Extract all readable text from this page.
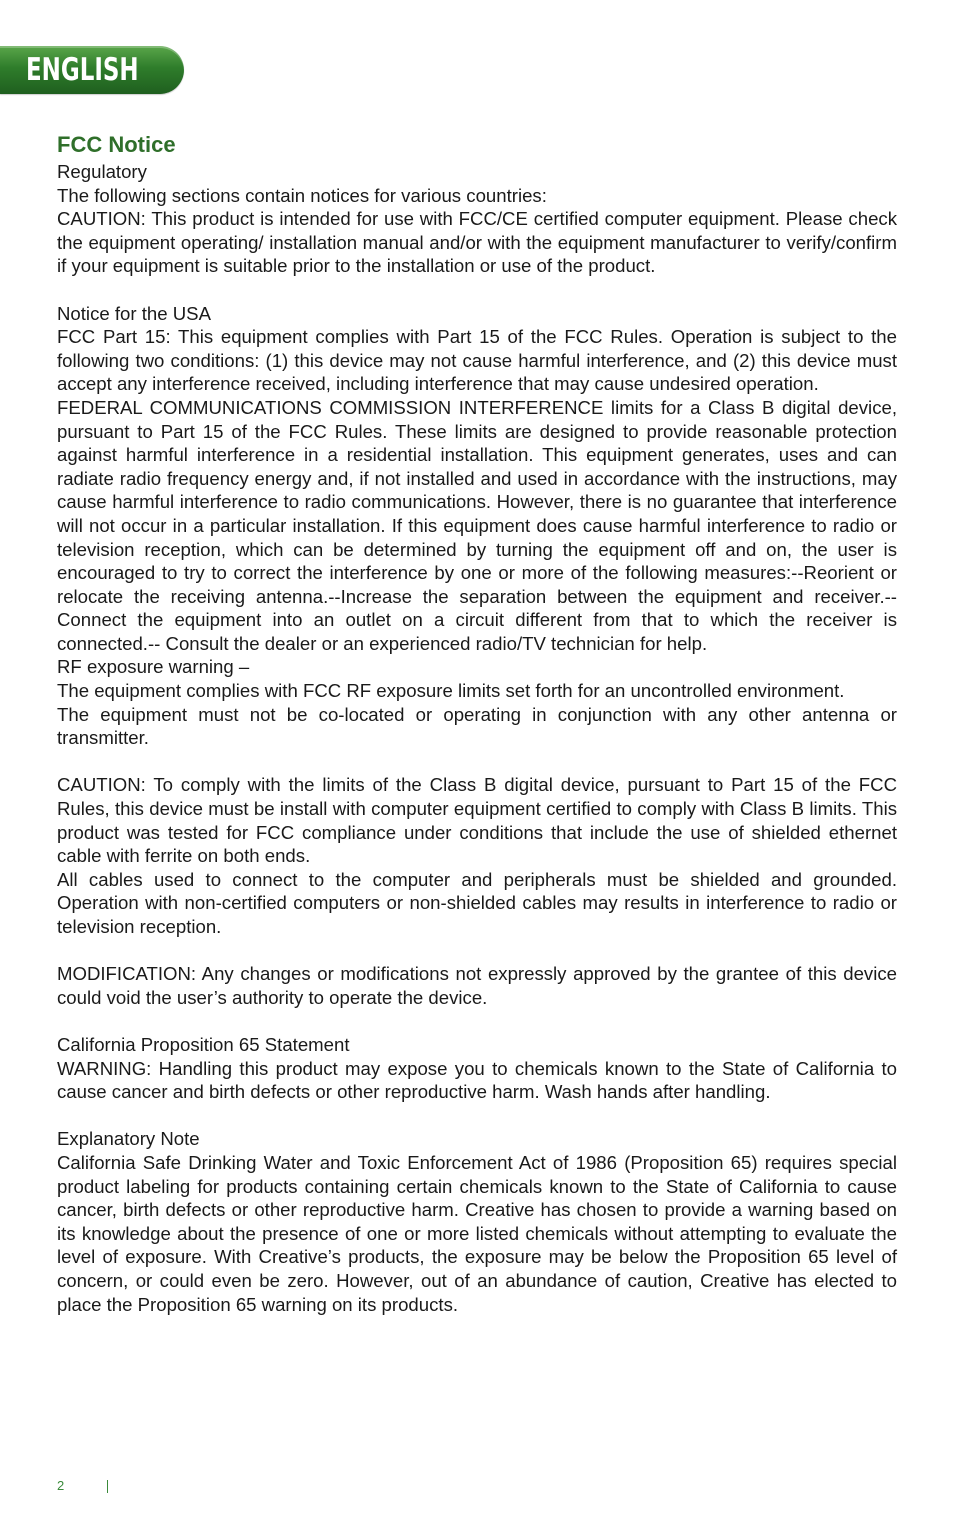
ENGLISH
FCC Notice

Regulatory

The following sections contain notices for various countries:

CAUTION: This product is intended for use with FCC/CE certified computer equipment. Please check the equipment operating/ installation manual and/or with the equipment manufacturer to verify/confirm if your equipment is suitable prior to the installation or use of the product.

Notice for the USA

FCC Part 15: This equipment complies with Part 15 of the FCC Rules. Operation is subject to the following two conditions: (1) this device may not cause harmful interference, and (2) this device must accept any interference received, including interference that may cause undesired operation.

FEDERAL COMMUNICATIONS COMMISSION INTERFERENCE limits for a Class B digital device, pursuant to Part 15 of the FCC Rules. These limits are designed to provide reasonable protection against harmful interference in a residential installation. This equipment generates, uses and can radiate radio frequency energy and, if not installed and used in accordance with the instructions, may cause harmful interference to radio communications. However, there is no guarantee that interference will not occur in a particular installation. If this equipment does cause harmful interference to radio or television reception, which can be determined by turning the equipment off and on, the user is encouraged to try to correct the interference by one or more of the following measures:--Reorient or relocate the receiving antenna.--Increase the separation between the equipment and receiver.-- Connect the equipment into an outlet on a circuit different from that to which the receiver is connected.-- Consult the dealer or an experienced radio/TV technician for help.

RF exposure warning –

The equipment complies with FCC RF exposure limits set forth for an uncontrolled environment.

The equipment must not be co-located or operating in conjunction with any other antenna or transmitter.

CAUTION: To comply with the limits of the Class B digital device, pursuant to Part 15 of the FCC Rules, this device must be install with computer equipment certified to comply with Class B limits. This product was tested for FCC compliance under conditions that include the use of shielded ethernet cable with ferrite on both ends.

All cables used to connect to the computer and peripherals must be shielded and grounded. Operation with non-certified computers or non-shielded cables may results in interference to radio or television reception.

MODIFICATION: Any changes or modifications not expressly approved by the grantee of this device could void the user’s authority to operate the device.

California Proposition 65 Statement

WARNING: Handling this product may expose you to chemicals known to the State of California to cause cancer and birth defects or other reproductive harm. Wash hands after handling.

Explanatory Note

California Safe Drinking Water and Toxic Enforcement Act of 1986 (Proposition 65) requires special product labeling for products containing certain chemicals known to the State of California to cause cancer, birth defects or other reproductive harm. Creative has chosen to provide a warning based on its knowledge about the presence of one or more listed chemicals without attempting to evaluate the level of exposure. With Creative’s products, the exposure may be below the Proposition 65 level of concern, or could even be zero. However, out of an abundance of caution, Creative has elected to place the Proposition 65 warning on its products.

2
